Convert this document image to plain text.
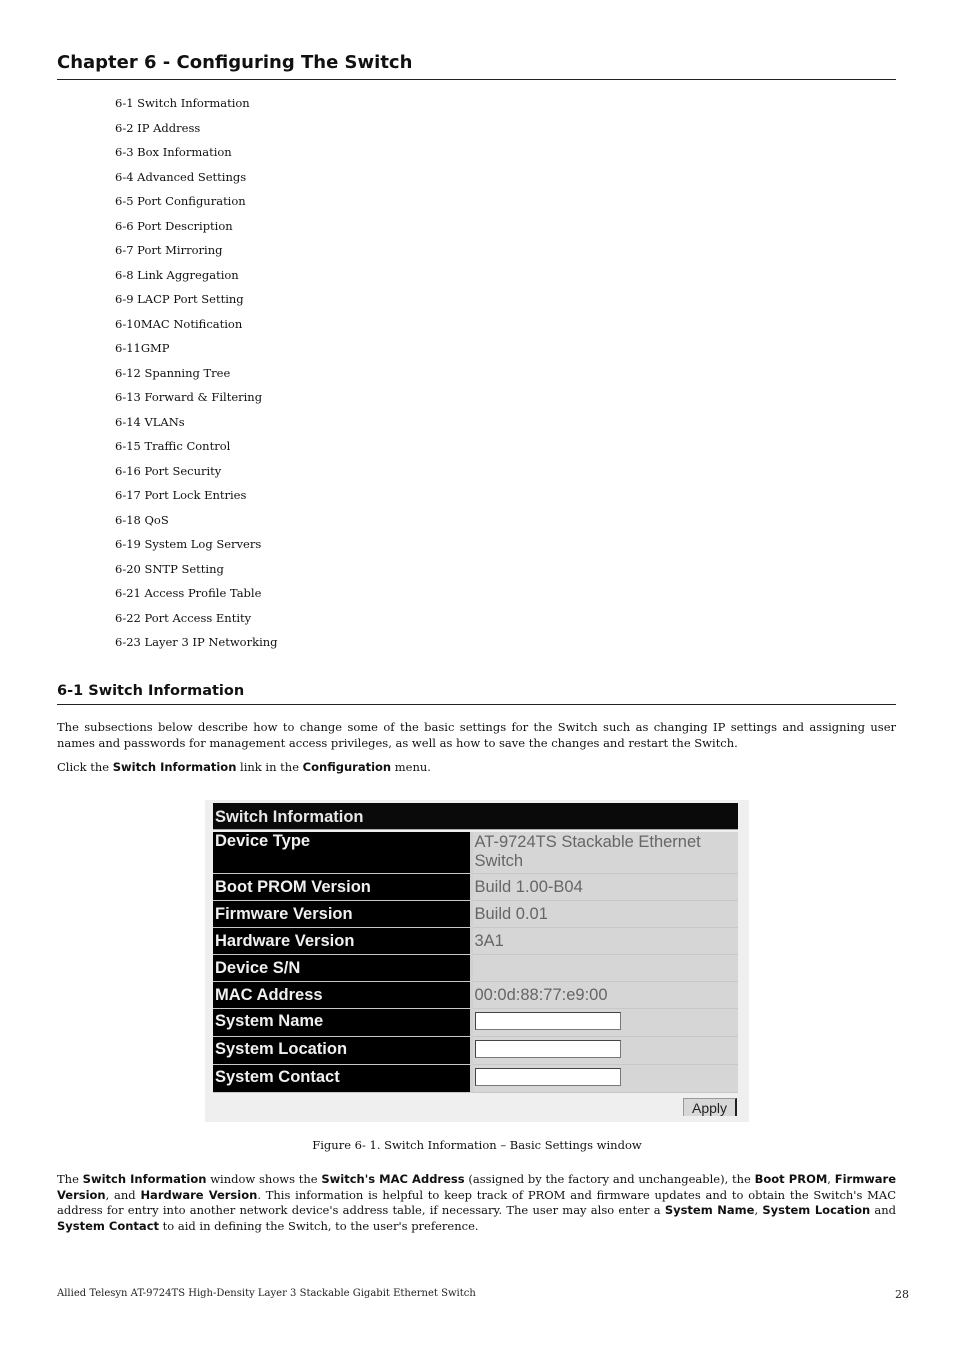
Chapter 6 - Configuring The Switch
6-1 Switch Information
6-2 IP Address
6-3 Box Information
6-4 Advanced Settings
6-5 Port Configuration
6-6 Port Description
6-7 Port Mirroring
6-8 Link Aggregation
6-9 LACP Port Setting
6-10MAC Notification
6-11GMP
6-12 Spanning Tree
6-13 Forward & Filtering
6-14 VLANs
6-15 Traffic Control
6-16 Port Security
6-17 Port Lock Entries
6-18 QoS
6-19 System Log Servers
6-20 SNTP Setting
6-21 Access Profile Table
6-22 Port Access Entity
6-23 Layer 3 IP Networking
6-1 Switch Information

The subsections below describe how to change some of the basic settings for the Switch such as changing IP settings and assigning user names and passwords for management access privileges, as well as how to save the changes and restart the Switch.

Click the Switch Information link in the Configuration menu.

Switch Information
Device Type	AT-9724TS Stackable Ethernet Switch
Boot PROM Version	Build 1.00-B04
Firmware Version	Build 0.01
Hardware Version	3A1
Device S/N	
MAC Address	00:0d:88:77:e9:00
System Name	

System Location	

System Contact	
Apply

Figure 6- 1. Switch Information – Basic Settings window

The Switch Information window shows the Switch's MAC Address (assigned by the factory and unchangeable), the Boot PROM, Firmware Version, and Hardware Version. This information is helpful to keep track of PROM and firmware updates and to obtain the Switch's MAC address for entry into another network device's address table, if necessary. The user may also enter a System Name, System Location and System Contact to aid in defining the Switch, to the user's preference.

Allied Telesyn AT-9724TS High-Density Layer 3 Stackable Gigabit Ethernet Switch	28
